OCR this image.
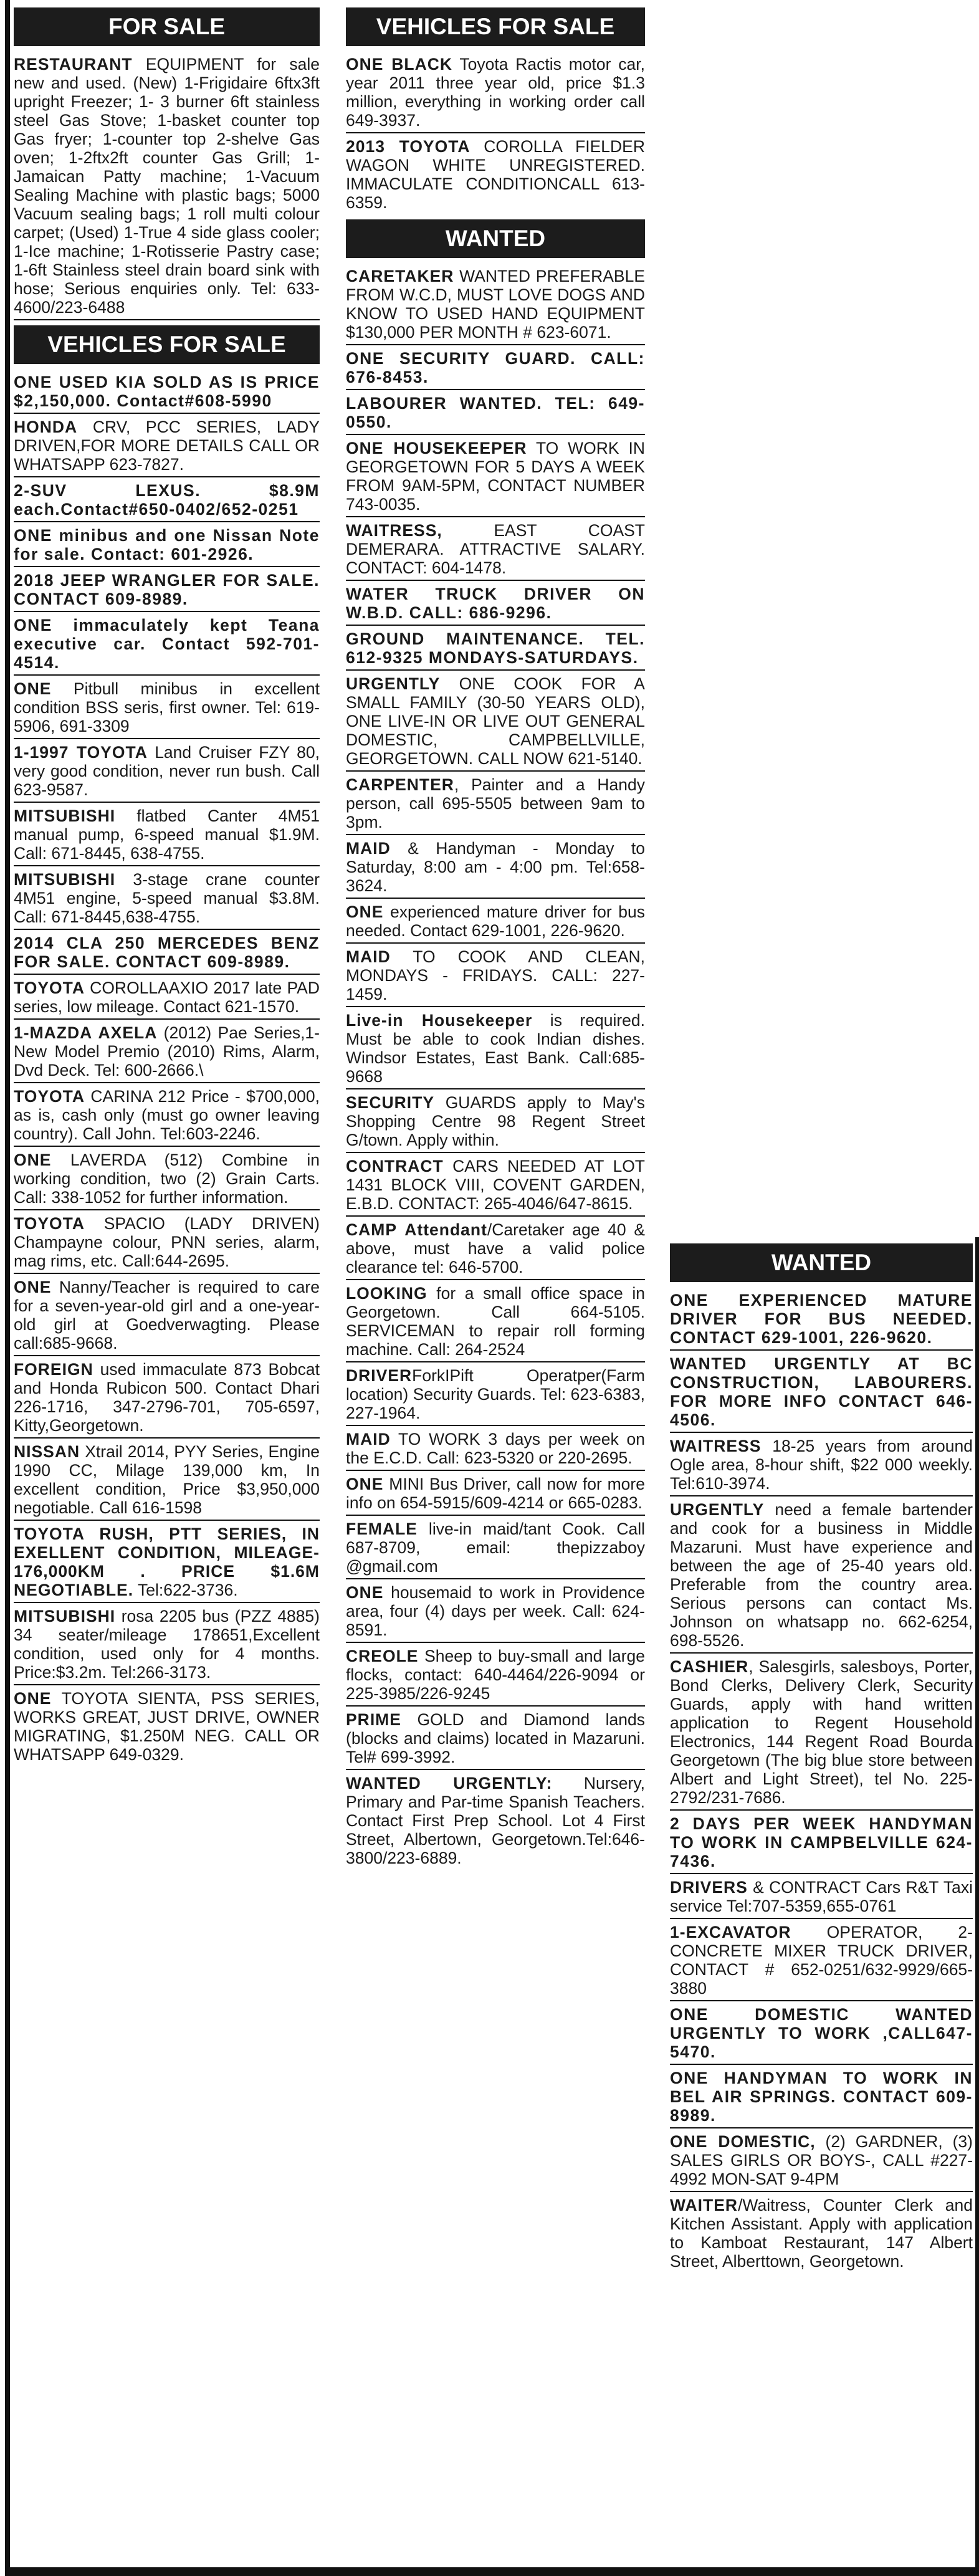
FOR SALE
RESTAURANT EQUIPMENT for sale new and used. (New) 1-Frigidaire 6ftx3ft upright Freezer; 1- 3 burner 6ft stainless steel Gas Stove; 1-basket counter top Gas fryer; 1-counter top 2-shelve Gas oven; 1-2ftx2ft counter Gas Grill; 1-Jamaican Patty machine; 1-Vacuum Sealing Machine with plastic bags; 5000 Vacuum sealing bags; 1 roll multi colour carpet; (Used) 1-True 4 side glass cooler; 1-Ice machine; 1-Rotisserie Pastry case; 1-6ft Stainless steel drain board sink with hose; Serious enquiries only. Tel: 633-4600/223-6488
VEHICLES FOR SALE
ONE USED KIA SOLD AS IS PRICE $2,150,000. Contact#608-5990
HONDA CRV, PCC SERIES, LADY DRIVEN,FOR MORE DETAILS CALL OR WHATSAPP 623-7827.
2-SUV LEXUS. $8.9M each.Contact#650-0402/652-0251
ONE minibus and one Nissan Note for sale. Contact: 601-2926.
2018 JEEP WRANGLER FOR SALE. CONTACT 609-8989.
ONE immaculately kept Teana executive car. Contact 592-701-4514.
ONE Pitbull minibus in excellent condition BSS seris, first owner. Tel: 619-5906, 691-3309
1-1997 TOYOTA Land Cruiser FZY 80, very good condition, never run bush. Call 623-9587.
MITSUBISHI flatbed Canter 4M51 manual pump, 6-speed manual $1.9M. Call: 671-8445, 638-4755.
MITSUBISHI 3-stage crane counter 4M51 engine, 5-speed manual $3.8M. Call: 671-8445,638-4755.
2014 CLA 250 MERCEDES BENZ FOR SALE. CONTACT 609-8989.
TOYOTA COROLLAAXIO 2017 late PAD series, low mileage. Contact 621-1570.
1-MAZDA AXELA (2012) Pae Series,1- New Model Premio (2010) Rims, Alarm, Dvd Deck. Tel: 600-2666.\
TOYOTA CARINA 212 Price - $700,000, as is, cash only (must go owner leaving country). Call John. Tel:603-2246.
ONE LAVERDA (512) Combine in working condition, two (2) Grain Carts. Call: 338-1052 for further information.
TOYOTA SPACIO (LADY DRIVEN) Champayne colour, PNN series, alarm, mag rims, etc. Call:644-2695.
ONE Nanny/Teacher is required to care for a seven-year-old girl and a one-year-old girl at Goedverwagting. Please call:685-9668.
FOREIGN used immaculate 873 Bobcat and Honda Rubicon 500. Contact Dhari 226-1716, 347-2796-701, 705-6597, Kitty,Georgetown.
NISSAN Xtrail 2014, PYY Series, Engine 1990 CC, Milage 139,000 km, In excellent condition, Price $3,950,000 negotiable. Call 616-1598
TOYOTA RUSH, PTT SERIES, IN EXELLENT CONDITION, MILEAGE-176,000KM . PRICE $1.6M NEGOTIABLE. Tel:622-3736.
MITSUBISHI rosa 2205 bus (PZZ 4885) 34 seater/mileage 178651,Excellent condition, used only for 4 months. Price:$3.2m. Tel:266-3173.
ONE TOYOTA SIENTA, PSS SERIES, WORKS GREAT, JUST DRIVE, OWNER MIGRATING, $1.250M NEG. CALL OR WHATSAPP 649-0329.
VEHICLES FOR SALE
ONE BLACK Toyota Ractis motor car, year 2011 three year old, price $1.3 million, everything in working order call 649-3937.
2013 TOYOTA COROLLA FIELDER WAGON WHITE UNREGISTERED. IMMACULATE CONDITIONCALL 613-6359.
WANTED
CARETAKER WANTED PREFERABLE FROM W.C.D, MUST LOVE DOGS AND KNOW TO USED HAND EQUIPMENT $130,000 PER MONTH # 623-6071.
ONE SECURITY GUARD. CALL: 676-8453.
LABOURER WANTED. TEL: 649-0550.
ONE HOUSEKEEPER TO WORK IN GEORGETOWN FOR 5 DAYS A WEEK FROM 9AM-5PM, CONTACT NUMBER 743-0035.
WAITRESS, EAST COAST DEMERARA. ATTRACTIVE SALARY. CONTACT: 604-1478.
WATER TRUCK DRIVER ON W.B.D. CALL: 686-9296.
GROUND MAINTENANCE. TEL. 612-9325 MONDAYS-SATURDAYS.
URGENTLY ONE COOK FOR A SMALL FAMILY (30-50 YEARS OLD), ONE LIVE-IN OR LIVE OUT GENERAL DOMESTIC, CAMPBELLVILLE, GEORGETOWN. CALL NOW 621-5140.
CARPENTER, Painter and a Handy person, call 695-5505 between 9am to 3pm.
MAID & Handyman - Monday to Saturday, 8:00 am - 4:00 pm. Tel:658-3624.
ONE experienced mature driver for bus needed. Contact 629-1001, 226-9620.
MAID TO COOK AND CLEAN, MONDAYS - FRIDAYS. CALL: 227-1459.
Live-in Housekeeper is required. Must be able to cook Indian dishes. Windsor Estates, East Bank. Call:685-9668
SECURITY GUARDS apply to May's Shopping Centre 98 Regent Street G/town. Apply within.
CONTRACT CARS NEEDED AT LOT 1431 BLOCK VIII, COVENT GARDEN, E.B.D. CONTACT: 265-4046/647-8615.
CAMP Attendant/Caretaker age 40 & above, must have a valid police clearance tel: 646-5700.
LOOKING for a small office space in Georgetown. Call 664-5105. SERVICEMAN to repair roll forming machine. Call: 264-2524
DRIVERForkIPift Operatper(Farm location) Security Guards. Tel: 623-6383, 227-1964.
MAID TO WORK 3 days per week on the E.C.D. Call: 623-5320 or 220-2695.
ONE MINI Bus Driver, call now for more info on 654-5915/609-4214 or 665-0283.
FEMALE live-in maid/tant Cook. Call 687-8709, email: thepizzaboy @gmail.com
ONE housemaid to work in Providence area, four (4) days per week. Call: 624-8591.
CREOLE Sheep to buy-small and large flocks, contact: 640-4464/226-9094 or 225-3985/226-9245
PRIME GOLD and Diamond lands (blocks and claims) located in Mazaruni. Tel# 699-3992.
WANTED URGENTLY: Nursery, Primary and Par-time Spanish Teachers. Contact First Prep School. Lot 4 First Street, Albertown, Georgetown.Tel:646-3800/223-6889.
WANTED
ONE EXPERIENCED MATURE DRIVER FOR BUS NEEDED. CONTACT 629-1001, 226-9620.
WANTED URGENTLY AT BC CONSTRUCTION, LABOURERS. FOR MORE INFO CONTACT 646-4506.
WAITRESS 18-25 years from around Ogle area, 8-hour shift, $22 000 weekly. Tel:610-3974.
URGENTLY need a female bartender and cook for a business in Middle Mazaruni. Must have experience and between the age of 25-40 years old. Preferable from the country area. Serious persons can contact Ms. Johnson on whatsapp no. 662-6254, 698-5526.
CASHIER, Salesgirls, salesboys, Porter, Bond Clerks, Delivery Clerk, Security Guards, apply with hand written application to Regent Household Electronics, 144 Regent Road Bourda Georgetown (The big blue store between Albert and Light Street), tel No. 225-2792/231-7686.
2 DAYS PER WEEK HANDYMAN TO WORK IN CAMPBELVILLE 624-7436.
DRIVERS & CONTRACT Cars R&T Taxi service Tel:707-5359,655-0761
1-EXCAVATOR OPERATOR, 2- CONCRETE MIXER TRUCK DRIVER, CONTACT # 652-0251/632-9929/665-3880
ONE DOMESTIC WANTED URGENTLY TO WORK ,CALL647-5470.
ONE HANDYMAN TO WORK IN BEL AIR SPRINGS. CONTACT 609-8989.
ONE DOMESTIC, (2) GARDNER, (3) SALES GIRLS OR BOYS-, CALL #227-4992 MON-SAT 9-4PM
WAITER/Waitress, Counter Clerk and Kitchen Assistant. Apply with application to Kamboat Restaurant, 147 Albert Street, Alberttown, Georgetown.
